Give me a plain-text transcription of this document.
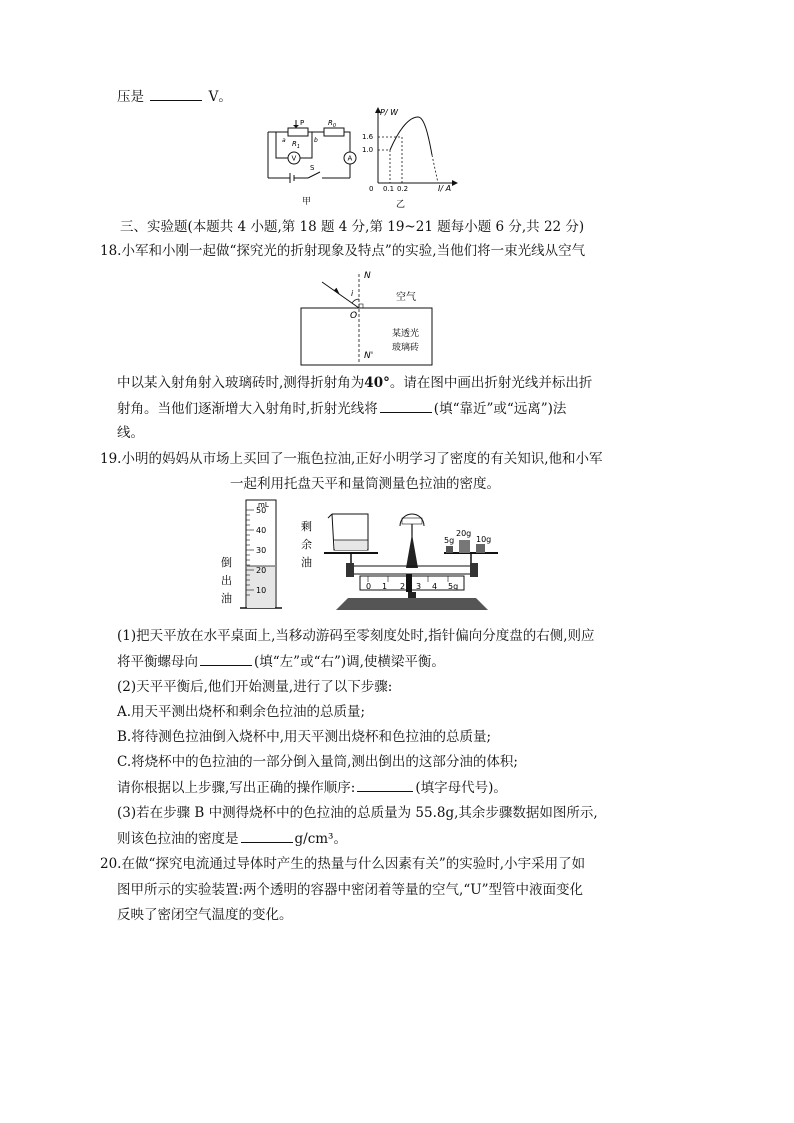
压是	V。
P	$R_0$
$R_1$
a	b
V	A
S
甲
P/ W
1.6
1.0
0 0.1 0.2	I/ A
乙
三、实验题(本题共 4 小题,第 18 题 4 分,第 19~21 题每小题 6 分,共 22 分)
18.小军和小刚一起做“探究光的折射现象及特点”的实验,当他们将一束光线从空气
N
N'
i
O
空气
某透光
玻璃砖
中以某入射角射入玻璃砖时,测得折射角为40°。请在图中画出折射光线并标出折
射角。当他们逐渐增大入射角时,折射光线将	(填“靠近”或“远离”)法
线。
19.小明的妈妈从市场上买回了一瓶色拉油,正好小明学习了密度的有关知识,他和小军
一起利用托盘天平和量筒测量色拉油的密度。
mL
50
40
30
20
10
倒
出
油
剩
余
油
5g
20g
10g
0 1 2 3 4 5g
(1)把天平放在水平桌面上,当移动游码至零刻度处时,指针偏向分度盘的右侧,则应
将平衡螺母向	(填“左”或“右”)调,使横梁平衡。
(2)天平平衡后,他们开始测量,进行了以下步骤:
A.用天平测出烧杯和剩余色拉油的总质量;
B.将待测色拉油倒入烧杯中,用天平测出烧杯和色拉油的总质量;
C.将烧杯中的色拉油的一部分倒入量筒,测出倒出的这部分油的体积;
请你根据以上步骤,写出正确的操作顺序:	(填字母代号)。
(3)若在步骤 B 中测得烧杯中的色拉油的总质量为 55.8g,其余步骤数据如图所示,
则该色拉油的密度是	g/cm³。
20.在做“探究电流通过导体时产生的热量与什么因素有关”的实验时,小宇采用了如
图甲所示的实验装置:两个透明的容器中密闭着等量的空气,“U”型管中液面变化
反映了密闭空气温度的变化。
